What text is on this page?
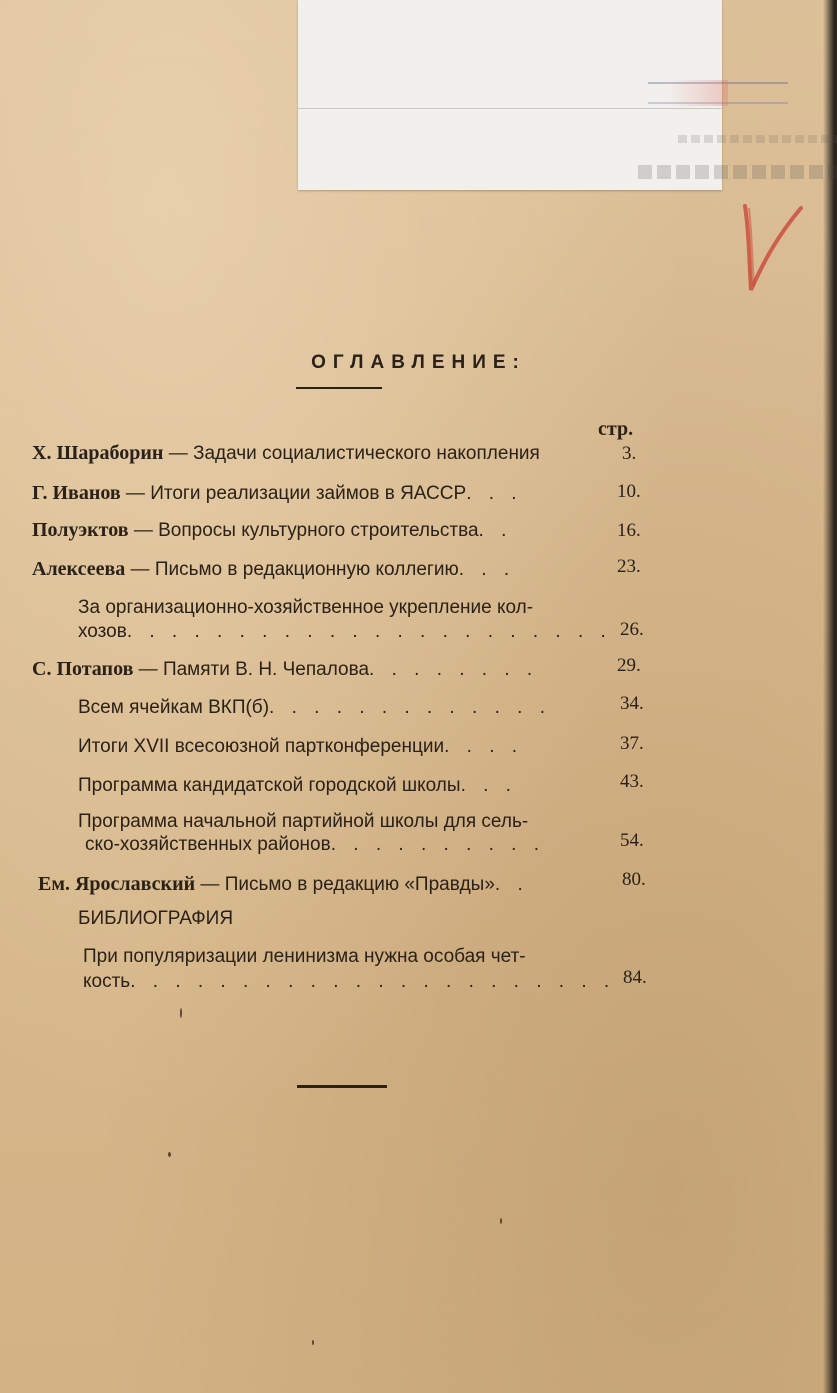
ОГЛАВЛЕНИЕ:
стр.
Х. Шараборин — Задачи социалистического накопления	3.
Г. Иванов — Итоги реализации займов в ЯАССР. . .	10.
Полуэктов — Вопросы культурного строительства. .	16.
Алексеева — Письмо в редакционную коллегию. . .	23.
За организационно-хозяйственное укрепление кол-
хозов. . . . . . . . . . . . . . . . . . . . . . 26.
С. Потапов — Памяти В. Н. Чепалова. . . . . . . .	29.
Всем ячейкам ВКП(б). . . . . . . . . . . . .	34.
Итоги XVII всесоюзной партконференции. . . .	37.
Программа кандидатской городской школы. . .	43.
Программа начальной партийной школы для сель-
ско-хозяйственных районов. . . . . . . . . .	54.
Ем. Ярославский — Письмо в редакцию «Правды». .	80.
БИБЛИОГРАФИЯ
При популяризации ленинизма нужна особая чет-
кость. . . . . . . . . . . . . . . . . . . . . . 84.
